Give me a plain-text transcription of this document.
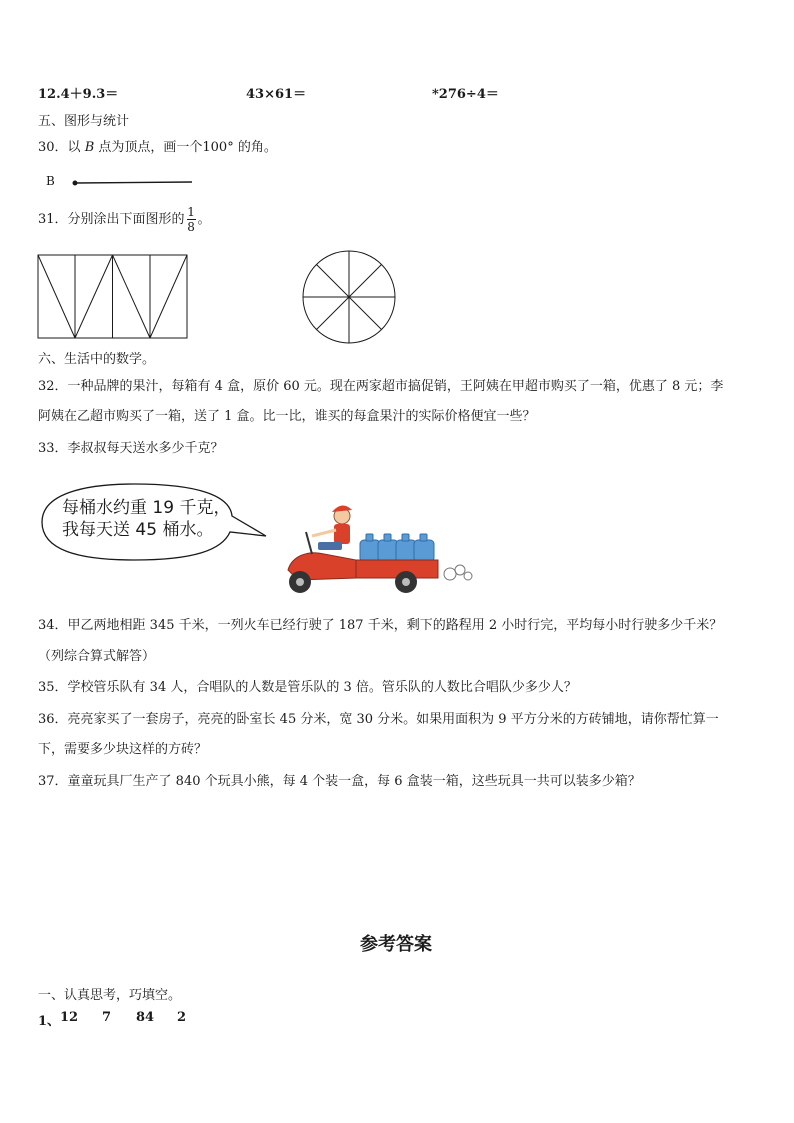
12.4＋9.3＝	43×61＝	*276÷4＝
五、图形与统计
30．以 B 点为顶点，画一个100° 的角。
B
31．分别涂出下面图形的 $\frac{1}{8}$ 。
六、生活中的数学。
32．一种品牌的果汁，每箱有 4 盒，原价 60 元。现在两家超市搞促销，王阿姨在甲超市购买了一箱，优惠了 8 元；李
阿姨在乙超市购买了一箱，送了 1 盒。比一比，谁买的每盒果汁的实际价格便宜一些？
33．李叔叔每天送水多少千克？
每桶水约重 19 千克，
我每天送 45 桶水。
34．甲乙两地相距 345 千米，一列火车已经行驶了 187 千米，剩下的路程用 2 小时行完，平均每小时行驶多少千米？
（列综合算式解答）
35．学校管乐队有 34 人，合唱队的人数是管乐队的 3 倍。管乐队的人数比合唱队少多少人？
36．亮亮家买了一套房子，亮亮的卧室长 45 分米，宽 30 分米。如果用面积为 9 平方分米的方砖铺地，请你帮忙算一
下，需要多少块这样的方砖？
37．童童玩具厂生产了 840 个玩具小熊，每 4 个装一盒，每 6 盒装一箱，这些玩具一共可以装多少箱？
参考答案
一、认真思考，巧填空。
1、 12 7 84 2
